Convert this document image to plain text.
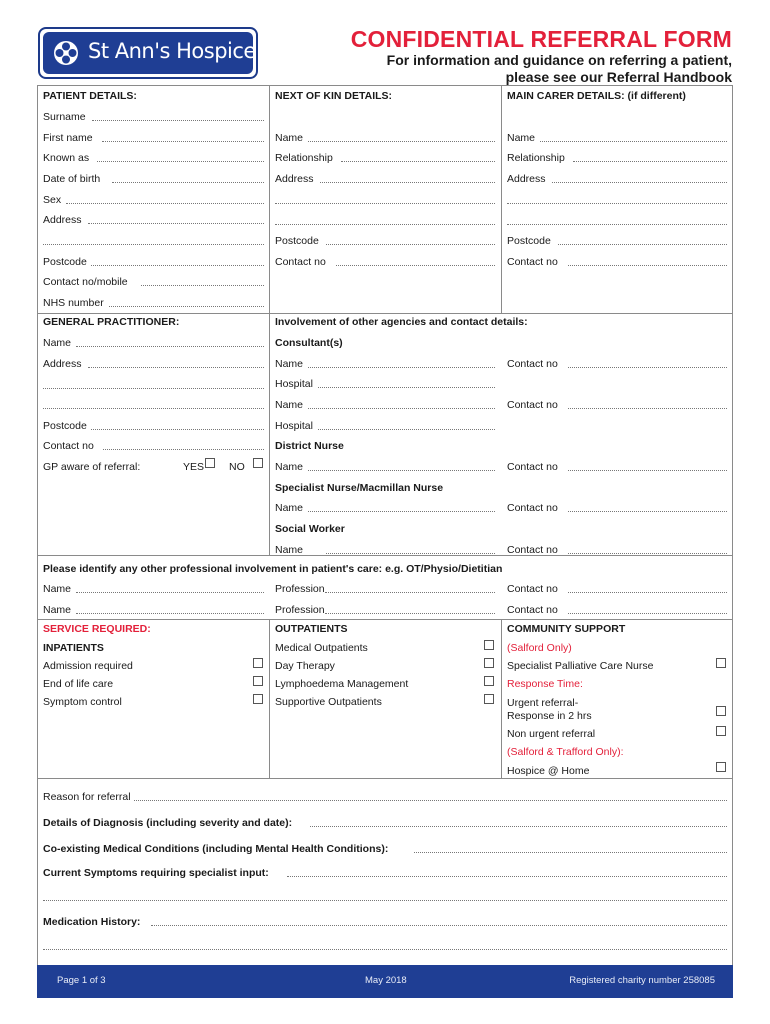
St Ann's Hospice	CONFIDENTIAL REFERRAL FORM
For information and guidance on referring a patient,
please see our Referral Handbook
PATIENT DETAILS:
Surname
First name
Known as
Date of birth
Sex
Address
Postcode
Contact no/mobile
NHS number
NEXT OF KIN DETAILS:
Name
Relationship
Address
Postcode
Contact no
MAIN CARER DETAILS: (if different)
Name
Relationship
Address
Postcode
Contact no
GENERAL PRACTITIONER:
Name
Address
Postcode
Contact no
GP aware of referral:	YES NO
Involvement of other agencies and contact details:
Consultant(s)
Name	Contact no
Hospital
Name	Contact no
Hospital
District Nurse
Name	Contact no
Specialist Nurse/Macmillan Nurse
Name	Contact no
Social Worker
Name	Contact no
Please identify any other professional involvement in patient's care: e.g. OT/Physio/Dietitian
Name	Profession	Contact no
Name	Profession	Contact no
SERVICE REQUIRED:
INPATIENTS
Admission required
End of life care
Symptom control
OUTPATIENTS
Medical Outpatients
Day Therapy
Lymphoedema Management
Supportive Outpatients
COMMUNITY SUPPORT
(Salford Only)
Specialist Palliative Care Nurse
Response Time:
Urgent referral-
Response in 2 hrs
Non urgent referral
(Salford & Trafford Only):
Hospice @ Home
Reason for referral
Details of Diagnosis (including severity and date):
Co-existing Medical Conditions (including Mental Health Conditions):
Current Symptoms requiring specialist input:
Medication History:
Page 1 of 3	May 2018	Registered charity number 258085
